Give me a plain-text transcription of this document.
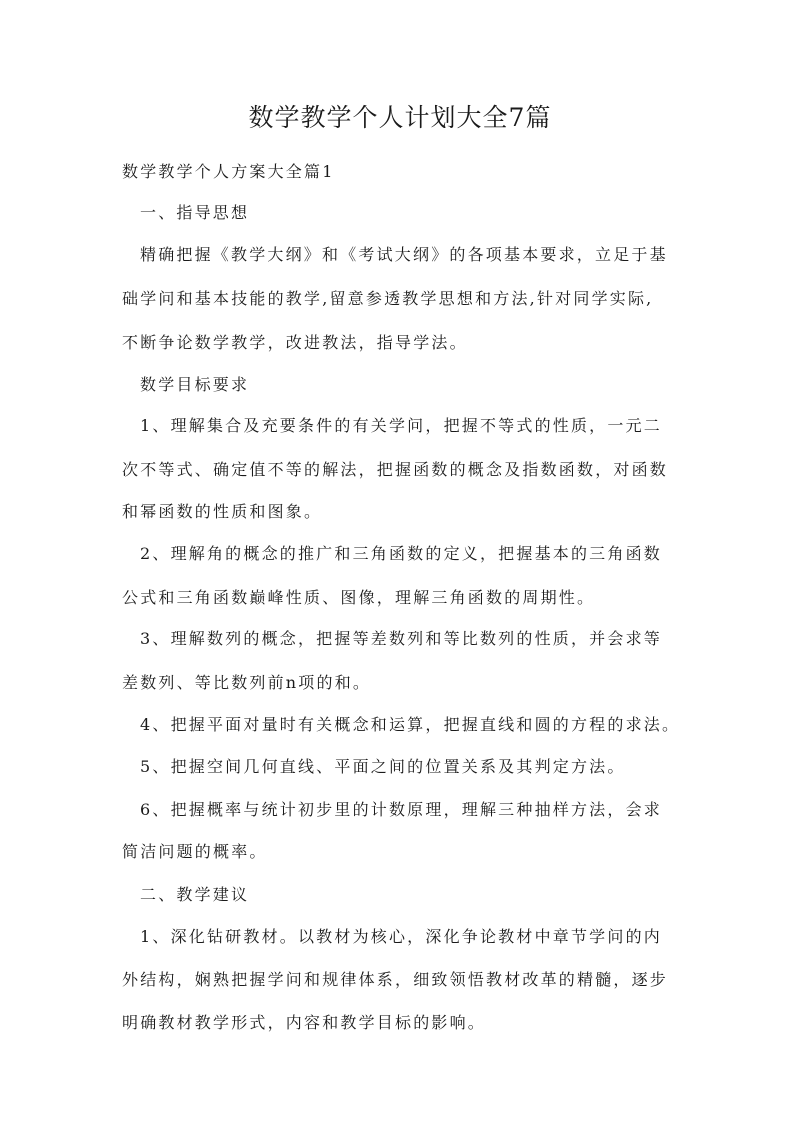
数学教学个人计划大全7篇
数学教学个人方案大全篇1
一、指导思想
精确把握《教学大纲》和《考试大纲》的各项基本要求，立足于基
础学问和基本技能的教学,留意参透教学思想和方法,针对同学实际,
不断争论数学教学，改进教法，指导学法。
数学目标要求
1、理解集合及充要条件的有关学问，把握不等式的性质，一元二
次不等式、确定值不等的解法，把握函数的概念及指数函数，对函数
和幂函数的性质和图象。
2、理解角的概念的推广和三角函数的定义，把握基本的三角函数
公式和三角函数巅峰性质、图像，理解三角函数的周期性。
3、理解数列的概念，把握等差数列和等比数列的性质，并会求等
差数列、等比数列前n项的和。
4、把握平面对量时有关概念和运算，把握直线和圆的方程的求法。
5、把握空间几何直线、平面之间的位置关系及其判定方法。
6、把握概率与统计初步里的计数原理，理解三种抽样方法，会求
简洁问题的概率。
二、教学建议
1、深化钻研教材。以教材为核心，深化争论教材中章节学问的内
外结构，娴熟把握学问和规律体系，细致领悟教材改革的精髓，逐步
明确教材教学形式，内容和教学目标的影响。
